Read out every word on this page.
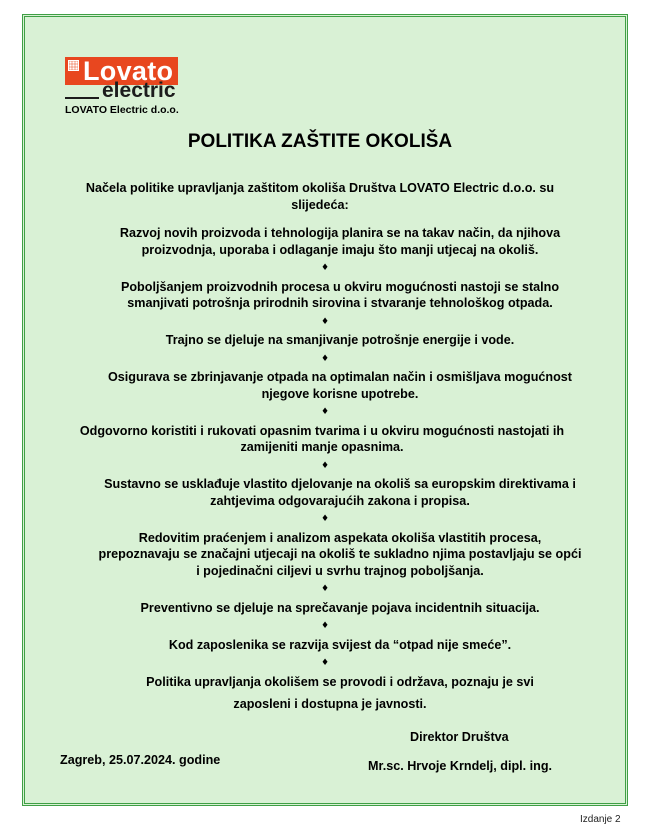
Lovato
electric
LOVATO Electric d.o.o.
POLITIKA ZAŠTITE OKOLIŠA
Načela politike upravljanja zaštitom okoliša Društva LOVATO Electric d.o.o. su
slijedeća:
Razvoj novih proizvoda i tehnologija planira se na takav način, da njihova
proizvodnja, uporaba i odlaganje imaju što manji utjecaj na okoliš.
♦
Poboljšanjem proizvodnih procesa u okviru mogućnosti nastoji se stalno
smanjivati potrošnja prirodnih sirovina i stvaranje tehnološkog otpada.
♦
Trajno se djeluje na smanjivanje potrošnje energije i vode.
♦
Osigurava se zbrinjavanje otpada na optimalan način i osmišljava mogućnost
njegove korisne upotrebe.
♦
Odgovorno koristiti i rukovati opasnim tvarima i u okviru mogućnosti nastojati ih
zamijeniti manje opasnima.
♦
Sustavno se usklađuje vlastito djelovanje na okoliš sa europskim direktivama i
zahtjevima odgovarajućih zakona i propisa.
♦
Redovitim praćenjem i analizom aspekata okoliša vlastitih procesa,
prepoznavaju se značajni utjecaji na okoliš te sukladno njima postavljaju se opći
i pojedinačni ciljevi u svrhu trajnog poboljšanja.
♦
Preventivno se djeluje na sprečavanje pojava incidentnih situacija.
♦
Kod zaposlenika se razvija svijest da “otpad nije smeće”.
♦
Politika upravljanja okolišem se provodi i održava, poznaju je svi
zaposleni i dostupna je javnosti.
Direktor Društva
Zagreb, 25.07.2024. godine	Mr.sc. Hrvoje Krndelj, dipl. ing.
Izdanje 2
